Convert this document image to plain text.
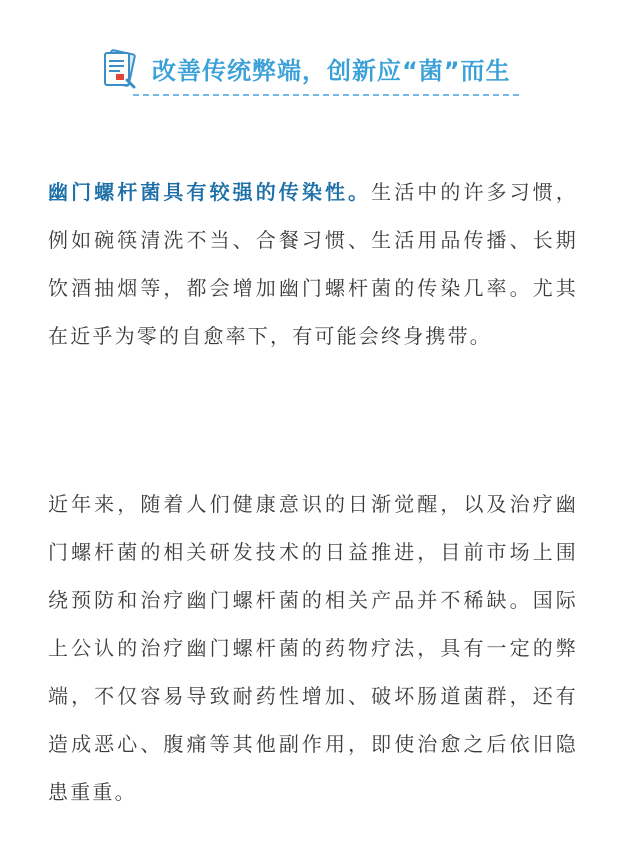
改善传统弊端，创新应“菌”而生

幽门螺杆菌具有较强的传染性。生活中的许多习惯，例如碗筷清洗不当、合餐习惯、生活用品传播、长期饮酒抽烟等，都会增加幽门螺杆菌的传染几率。尤其在近乎为零的自愈率下，有可能会终身携带。

近年来，随着人们健康意识的日渐觉醒，以及治疗幽门螺杆菌的相关研发技术的日益推进，目前市场上围绕预防和治疗幽门螺杆菌的相关产品并不稀缺。国际上公认的治疗幽门螺杆菌的药物疗法，具有一定的弊端，不仅容易导致耐药性增加、破坏肠道菌群，还有造成恶心、腹痛等其他副作用，即使治愈之后依旧隐患重重。
